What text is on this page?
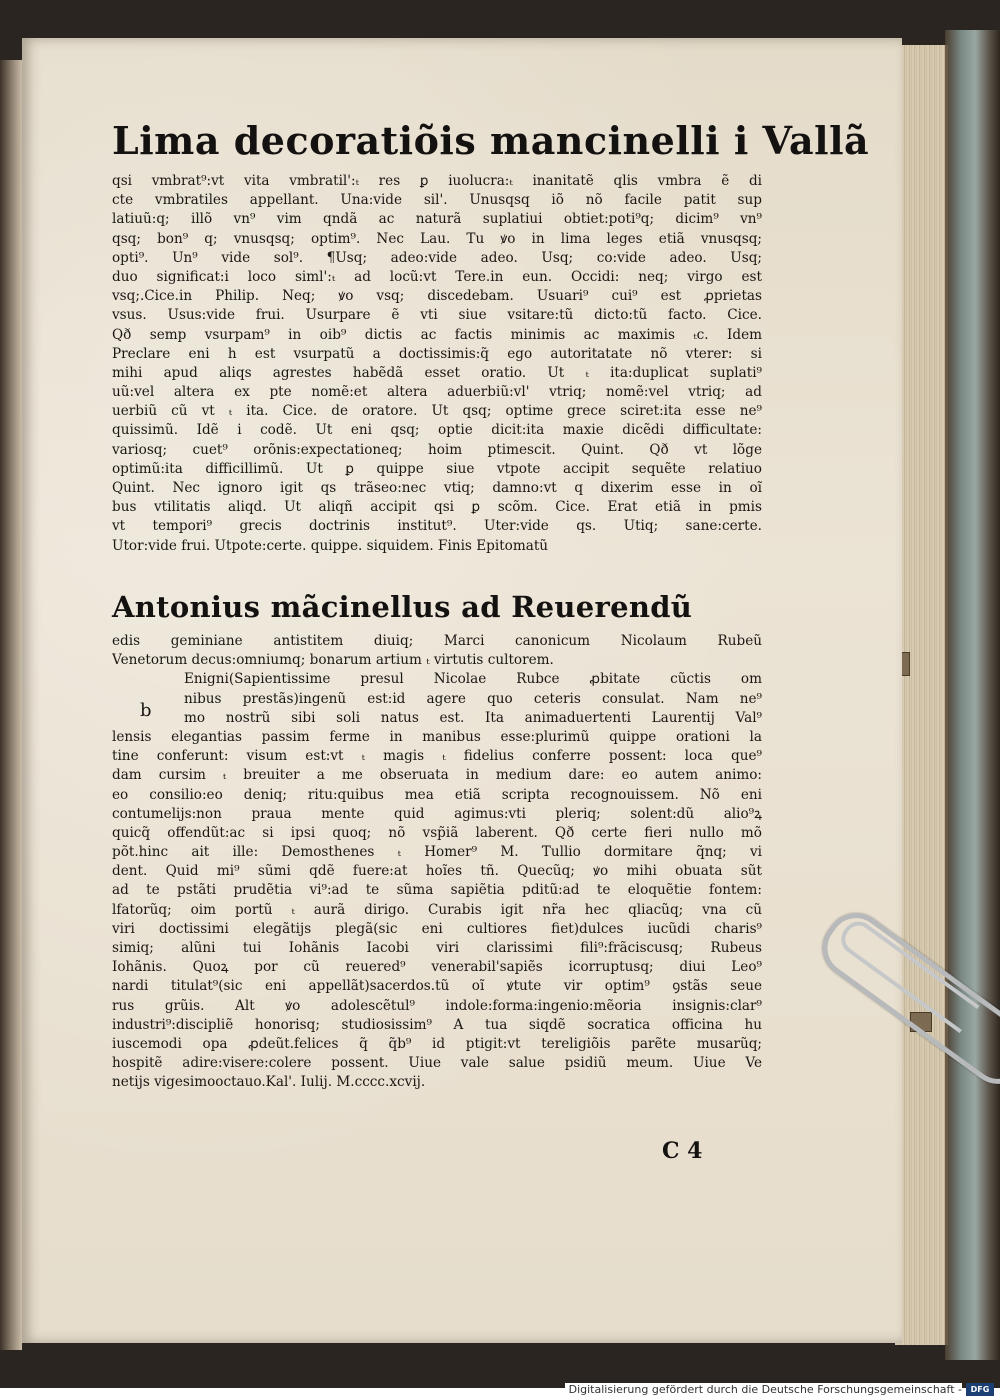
Lima decoratiõis mancinelli i Vallã
qsi vmbrat⁹:vt vita vmbratil':ₜ res ꝑ iuolucra:ₜ inanitatẽ qlis vmbra ẽ di
cte vmbratiles appellant. Una:vide sil'. Unusqsq iõ nõ facile patit sup
latiuũ:q; illõ vn⁹ vim qndã ac naturã suplatiui obtiet:poti⁹q; dicim⁹ vn⁹
qsq; bon⁹ q; vnusqsq; optim⁹. Nec Lau. Tu ꝟo in lima leges etiã vnusqsq;
opti⁹. Un⁹ vide sol⁹. ¶Usq; adeo:vide adeo. Usq; co:vide adeo. Usq;
duo significat:i loco siml':ₜ ad locũ:vt Tere.in eun. Occidi: neq; virgo est
vsq;.Cice.in Philip. Neq; ꝟo vsq; discedebam. Usuari⁹ cui⁹ est ꝓprietas
vsus. Usus:vide frui. Usurpare ẽ vti siue vsitare:tũ dicto:tũ facto. Cice.
Qð semp vsurpam⁹ in oib⁹ dictis ac factis minimis ac maximis ₜc. Idem
Preclare eni h est vsurpatũ a doctissimis:q̃ ego autoritatate nõ vterer: si
mihi apud aliqs agrestes habẽdã esset oratio. Ut ₜ ita:duplicat suplati⁹
uũ:vel altera ex pte nomẽ:et altera aduerbiũ:vl' vtriq; nomẽ:vel vtriq; ad
uerbiũ cũ vt ₜ ita. Cice. de oratore. Ut qsq; optime grece sciret:ita esse ne⁹
quissimũ. Idẽ i codẽ. Ut eni qsq; optie dicit:ita maxie dicẽdi difficultate:
variosq; cuet⁹ orõnis:expectationeq; hoim ptimescit. Quint. Qð vt lõge
optimũ:ita difficillimũ. Ut ꝑ quippe siue vtpote accipit sequẽte relatiuo
Quint. Nec ignoro igit qs trãseo:nec vtiq; damno:vt q dixerim esse in oĩ
bus vtilitatis aliqd. Ut aliqñ accipit qsi ꝑ scõm. Cice. Erat etiã in pmis
vt tempori⁹ grecis doctrinis institut⁹. Uter:vide qs. Utiq; sane:certe.
Utor:vide frui. Utpote:certe. quippe. siquidem. Finis Epitomatũ
Antonius mãcinellus ad Reuerendũ
edis geminiane antistitem diuiq; Marci canonicum Nicolaum Rubeũ
Venetorum decus:omniumq; bonarum artium ₜ virtutis cultorem.
Enigni(Sapientissime presul Nicolae Rubce ꝓbitate cũctis om
nibus prestãs)ingenũ est:id agere quo ceteris consulat. Nam ne⁹
mo nostrũ sibi soli natus est. Ita animaduertenti Laurentij Val⁹
lensis elegantias passim ferme in manibus esse:plurimũ quippe orationi la
tine conferunt: visum est:vt ₜ magis ₜ fidelius conferre possent: loca que⁹
dam cursim ₜ breuiter a me obseruata in medium dare: eo autem animo:
eo consilio:eo deniq; ritu:quibus mea etiã scripta recognouissem. Nõ eni
contumelijs:non praua mente quid agimus:vti pleriq; solent:dũ alio⁹ꝝ
quicq̃ offendũt:ac si ipsi quoq; nõ vsp̃iã laberent. Qð certe fieri nullo mõ
põt.hinc ait ille: Demosthenes ₜ Homer⁹ M. Tullio dormitare q̃nq; vi
dent. Quid mi⁹ sũmi qdẽ fuere:at hoĩes tñ. Quecũq; ꝟo mihi obuata sũt
ad te pstãti prudẽtia vi⁹:ad te sũma sapiẽtia pditũ:ad te eloquẽtie fontem:
lfatorũq; oim portũ ₜ aurã dirigo. Curabis igit nr̃a hec qliacũq; vna cũ
viri doctissimi elegãtijs plegã(sic eni cultiores fiet)dulces iucũdi charis⁹
simiq; alũni tui Iohãnis Iacobi viri clarissimi fili⁹:frãciscusq; Rubeus
Iohãnis. Quoꝝ por cũ reuered⁹ venerabil'sapiẽs icorruptusq; diui Leo⁹
nardi titulat⁹(sic eni appellãt)sacerdos.tũ oĩ ꝟtute vir optim⁹ ꝯstãs seue
rus grũis. Alt ꝟo adolescẽtul⁹ indole:forma:ingenio:mẽoria insignis:clar⁹
industri⁹:discipliẽ honorisq; studiosissim⁹ A tua siqdẽ socratica officina hu
iuscemodi opa ꝓdeũt.felices q̃ q̃b⁹ id ptigit:vt tereligiõis parẽte musarũq;
hospitẽ adire:visere:colere possent. Uiue vale salue psidiũ meum. Uiue Ve
netijs vigesimooctauo.Kal'. Iulij. M.cccc.xcvij.
b
C 4
Digitalisierung gefördert durch die Deutsche Forschungsgemeinschaft -	DFG
